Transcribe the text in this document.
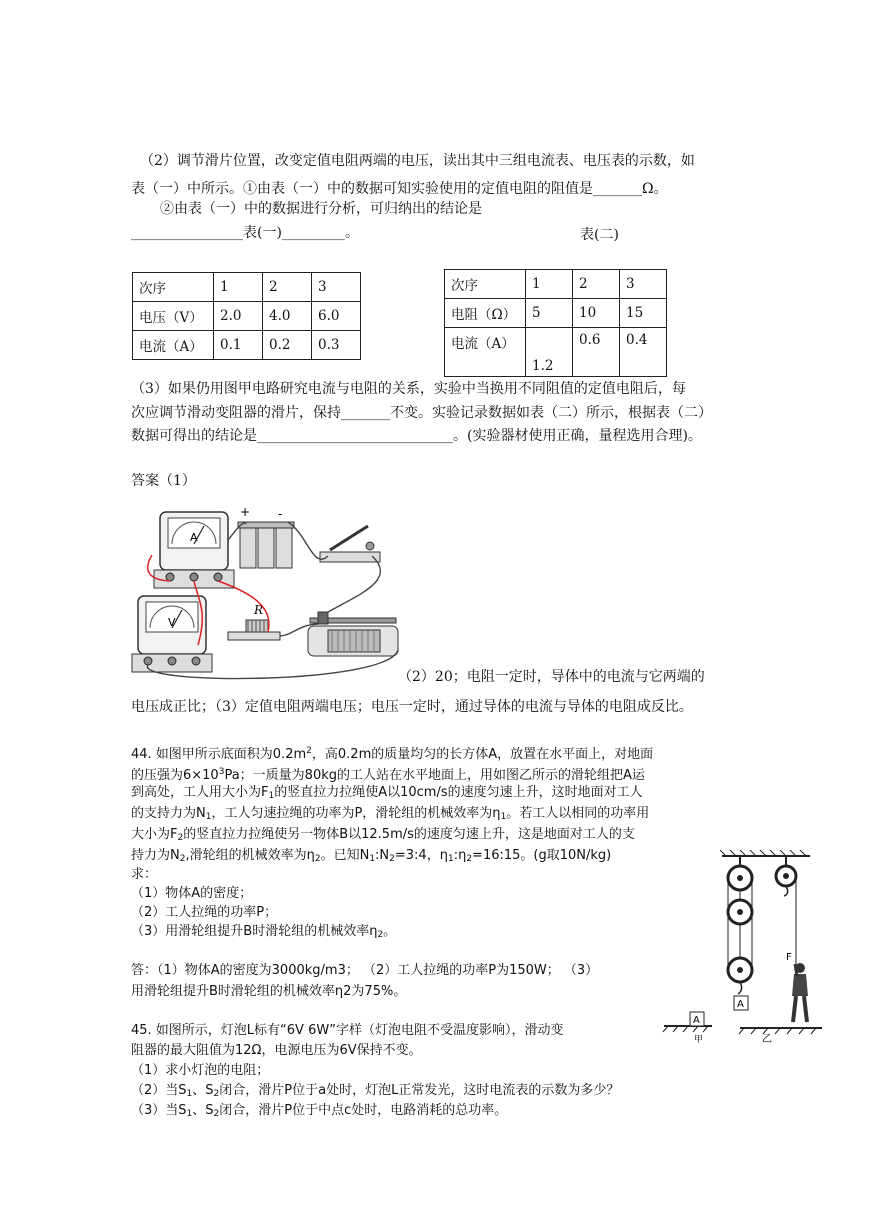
（2）调节滑片位置，改变定值电阻两端的电压，读出其中三组电流表、电压表的示数，如
表（一）中所示。①由表（一）中的数据可知实验使用的定值电阻的阻值是_______Ω。
②由表（一）中的数据进行分析，可归纳出的结论是
________________表(一)_________。	表(二)
次序	1	2	3
电压（V）	2.0	4.0	6.0
电流（A）	0.1	0.2	0.3
次序	1	2	3
电阻（Ω）	5	10	15
电流（A）	1.2	0.6	0.4
（3）如果仍用图甲电路研究电流与电阻的关系，实验中当换用不同阻值的定值电阻后，每
次应调节滑动变阻器的滑片，保持_______不变。实验记录数据如表（二）所示，根据表（二）
数据可得出的结论是____________________________。(实验器材使用正确，量程选用合理)。
答案（1）
A
+ -
V
R
（2）20；电阻一定时，导体中的电流与它两端的
电压成正比；（3）定值电阻两端电压；电压一定时，通过导体的电流与导体的电阻成反比。
44. 如图甲所示底面积为$0.2m^2$，高0.2m的质量均匀的长方体A，放置在水平面上，对地面
的压强为$6\times 10^3Pa$；一质量为80kg的工人站在水平地面上，用如图乙所示的滑轮组把A运
到高处，工人用大小为$F_1$的竖直拉力拉绳使A以10cm/s的速度匀速上升，这时地面对工人
的支持力为$N_1$，工人匀速拉绳的功率为P，滑轮组的机械效率为$\eta_1$。若工人以相同的功率用
大小为$F_2$的竖直拉力拉绳使另一物体B以12.5m/s的速度匀速上升，这是地面对工人的支
持力为$N_2$,滑轮组的机械效率为$\eta_2$。已知$N_1:N_2=3:4$，$\eta_1:\eta_2=16:15$。(g取10N/kg)
求：
（1）物体A的密度；
（2）工人拉绳的功率P；
（3）用滑轮组提升B时滑轮组的机械效率$\eta_2$。
答：（1）物体A的密度为3000kg/m3； （2）工人拉绳的功率P为150W； （3）
用滑轮组提升B时滑轮组的机械效率η2为75%。
A
F
A
甲	乙
45. 如图所示，灯泡L标有“6V 6W”字样（灯泡电阻不受温度影响），滑动变
阻器的最大阻值为12Ω，电源电压为6V保持不变。
（1）求小灯泡的电阻；
（2）当$S_1$、$S_2$闭合，滑片P位于a处时，灯泡L正常发光，这时电流表的示数为多少？
（3）当$S_1$、$S_2$闭合，滑片P位于中点c处时，电路消耗的总功率。
